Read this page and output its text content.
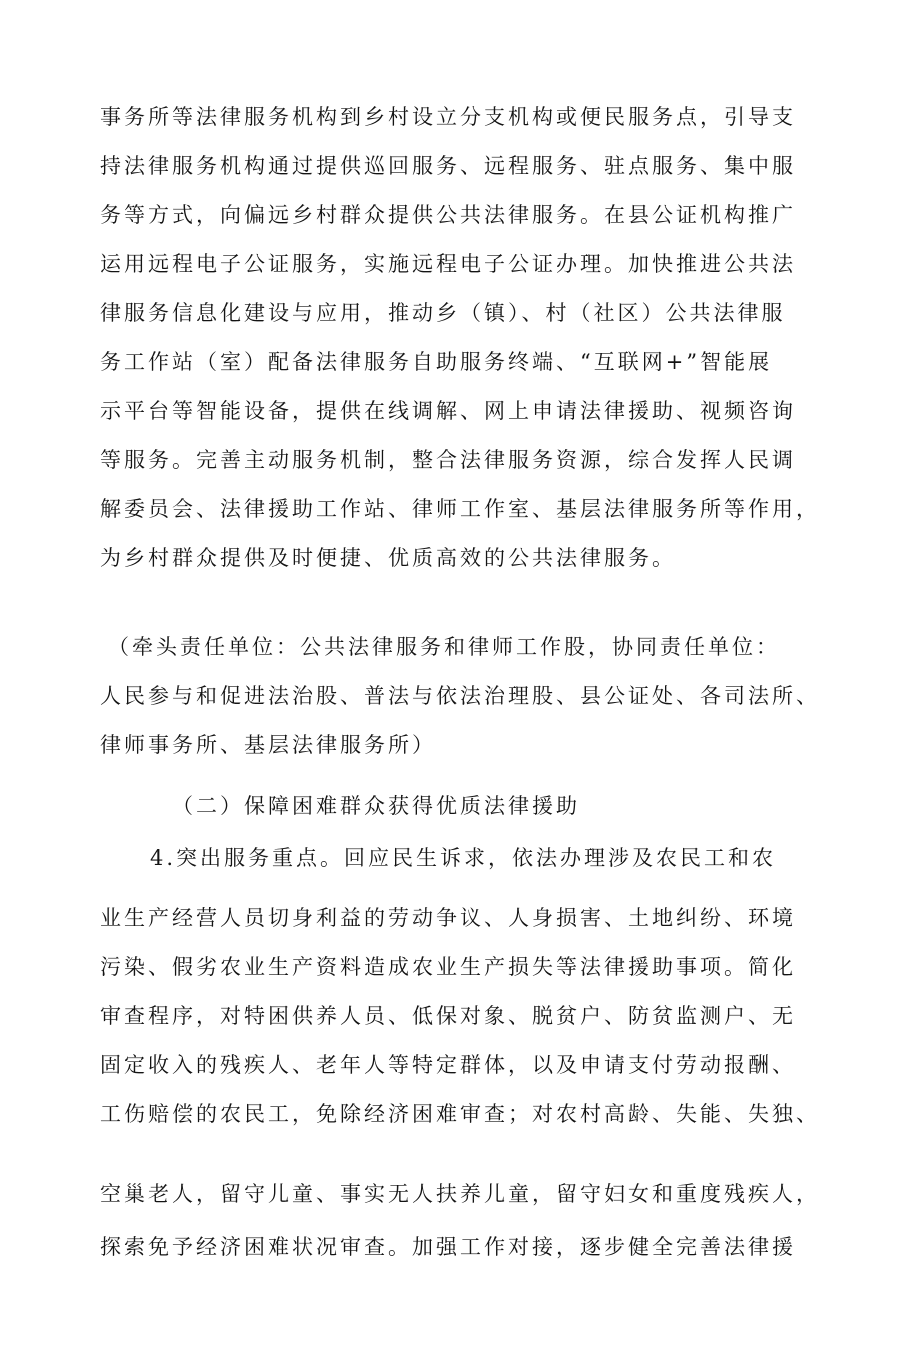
事务所等法律服务机构到乡村设立分支机构或便民服务点，引导支
持法律服务机构通过提供巡回服务、远程服务、驻点服务、集中服
务等方式，向偏远乡村群众提供公共法律服务。在县公证机构推广
运用远程电子公证服务，实施远程电子公证办理。加快推进公共法
律服务信息化建设与应用，推动乡（镇）、村（社区）公共法律服
务工作站（室）配备法律服务自助服务终端、“互联网+”智能展
示平台等智能设备，提供在线调解、网上申请法律援助、视频咨询
等服务。完善主动服务机制，整合法律服务资源，综合发挥人民调
解委员会、法律援助工作站、律师工作室、基层法律服务所等作用，
为乡村群众提供及时便捷、优质高效的公共法律服务。
（牵头责任单位：公共法律服务和律师工作股，协同责任单位：
人民参与和促进法治股、普法与依法治理股、县公证处、各司法所、
律师事务所、基层法律服务所）
（二）保障困难群众获得优质法律援助
4.突出服务重点。回应民生诉求，依法办理涉及农民工和农
业生产经营人员切身利益的劳动争议、人身损害、土地纠纷、环境
污染、假劣农业生产资料造成农业生产损失等法律援助事项。简化
审查程序，对特困供养人员、低保对象、脱贫户、防贫监测户、无
固定收入的残疾人、老年人等特定群体，以及申请支付劳动报酬、
工伤赔偿的农民工，免除经济困难审查；对农村高龄、失能、失独、
空巢老人，留守儿童、事实无人扶养儿童，留守妇女和重度残疾人，
探索免予经济困难状况审查。加强工作对接，逐步健全完善法律援
